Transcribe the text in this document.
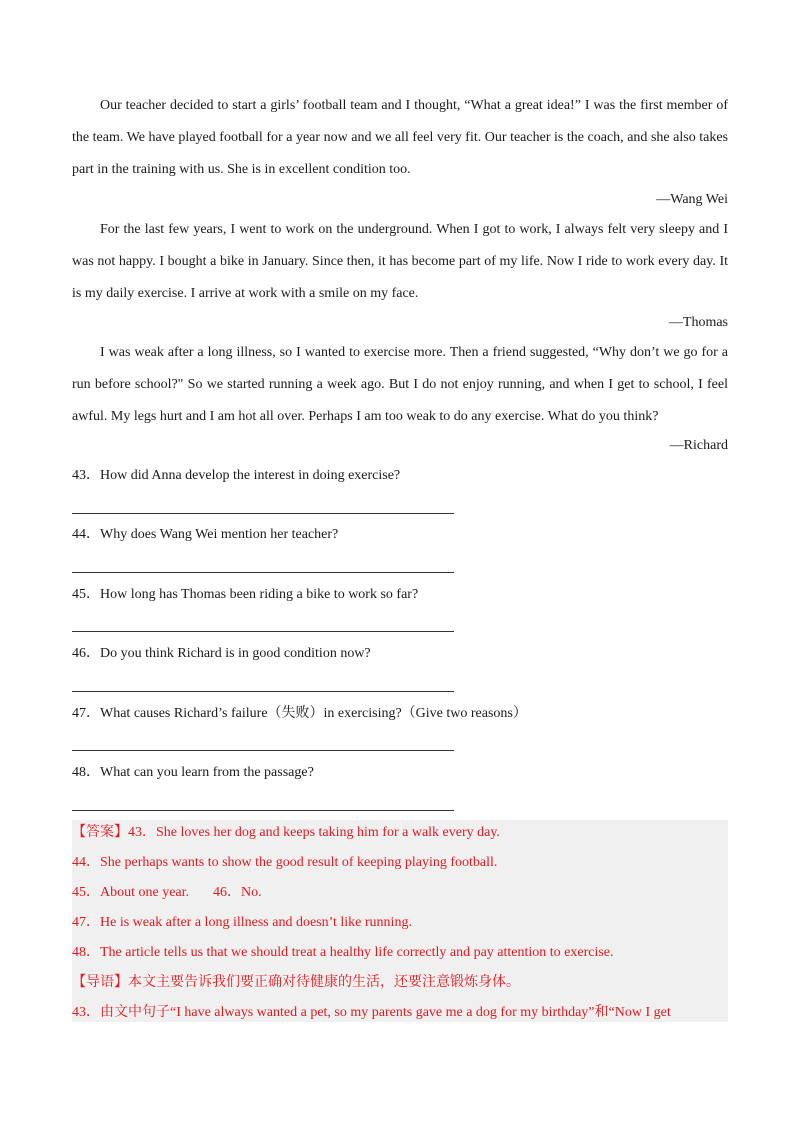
Our teacher decided to start a girls’ football team and I thought, “What a great idea!” I was the first member of the team. We have played football for a year now and we all feel very fit. Our teacher is the coach, and she also takes part in the training with us. She is in excellent condition too.
—Wang Wei
For the last few years, I went to work on the underground. When I got to work, I always felt very sleepy and I was not happy. I bought a bike in January. Since then, it has become part of my life. Now I ride to work every day. It is my daily exercise. I arrive at work with a smile on my face.
—Thomas
I was weak after a long illness, so I wanted to exercise more. Then a friend suggested, “Why don’t we go for a run before school?" So we started running a week ago. But I do not enjoy running, and when I get to school, I feel awful. My legs hurt and I am hot all over. Perhaps I am too weak to do any exercise. What do you think?
—Richard
43．How did Anna develop the interest in doing exercise?
44．Why does Wang Wei mention her teacher?
45．How long has Thomas been riding a bike to work so far?
46．Do you think Richard is in good condition now?
47．What causes Richard’s failure（失败）in exercising?（Give two reasons）
48．What can you learn from the passage?
【答案】43．She loves her dog and keeps taking him for a walk every day.
44．She perhaps wants to show the good result of keeping playing football.
45．About one year. 46．No.
47．He is weak after a long illness and doesn’t like running.
48．The article tells us that we should treat a healthy life correctly and pay attention to exercise.
【导语】本文主要告诉我们要正确对待健康的生活，还要注意锻炼身体。
43．由文中句子“I have always wanted a pet, so my parents gave me a dog for my birthday”和“Now I get
